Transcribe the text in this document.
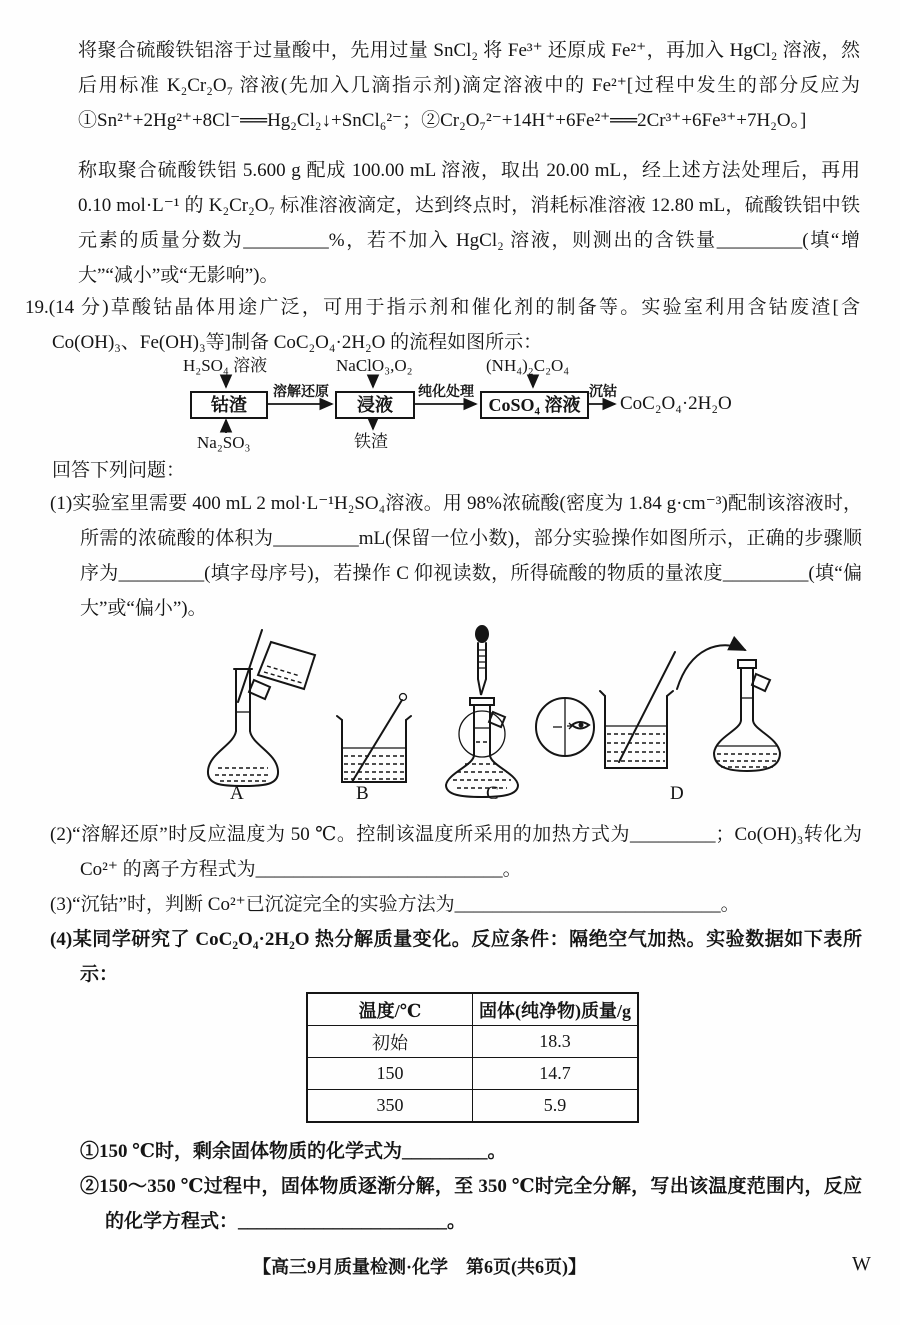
将聚合硫酸铁铝溶于过量酸中，先用过量 SnCl₂ 将 Fe³⁺ 还原成 Fe²⁺，再加入 HgCl₂ 溶液，然后用标准 K₂Cr₂O₇ 溶液(先加入几滴指示剂)滴定溶液中的 Fe²⁺[过程中发生的部分反应为 ①Sn²⁺+2Hg²⁺+8Cl⁻══Hg₂Cl₂↓+SnCl₆²⁻；②Cr₂O₇²⁻+14H⁺+6Fe²⁺══2Cr³⁺+6Fe³⁺+7H₂O。]

称取聚合硫酸铁铝 5.600 g 配成 100.00 mL 溶液，取出 20.00 mL，经上述方法处理后，再用 0.10 mol·L⁻¹ 的 K₂Cr₂O₇ 标准溶液滴定，达到终点时，消耗标准溶液 12.80 mL，硫酸铁铝中铁元素的质量分数为_________%，若不加入 HgCl₂ 溶液，则测出的含铁量_________(填“增大”“减小”或“无影响”)。

19.(14 分)草酸钴晶体用途广泛，可用于指示剂和催化剂的制备等。实验室利用含钴废渣[含 Co(OH)₃、Fe(OH)₃等]制备 CoC₂O₄·2H₂O 的流程如图所示：

H₂SO₄ 溶液
Na₂SO₃
钴渣
溶解还原
NaClO₃,O₂
浸液
铁渣
纯化处理
(NH₄)₂C₂O₄
CoSO₄ 溶液
沉钴
CoC₂O₄·2H₂O

回答下列问题：

(1)实验室里需要 400 mL 2 mol·L⁻¹H₂SO₄溶液。用 98%浓硫酸(密度为 1.84 g·cm⁻³)配制该溶液时，所需的浓硫酸的体积为_________mL(保留一位小数)，部分实验操作如图所示，正确的步骤顺序为_________(填字母序号)，若操作 C 仰视读数，所得硫酸的物质的量浓度_________(填“偏大”或“偏小”)。

A	B	C	D

(2)“溶解还原”时反应温度为 50 ℃。控制该温度所采用的加热方式为_________；Co(OH)₃转化为Co²⁺ 的离子方程式为__________________________。

(3)“沉钴”时，判断 Co²⁺已沉淀完全的实验方法为____________________________。

(4)某同学研究了 CoC₂O₄·2H₂O 热分解质量变化。反应条件：隔绝空气加热。实验数据如下表所示：

温度/℃	固体(纯净物)质量/g
初始	18.3
150	14.7
350	5.9

①150 ℃时，剩余固体物质的化学式为_________。

②150～350 ℃过程中，固体物质逐渐分解，至 350 ℃时完全分解，写出该温度范围内，反应的化学方程式：______________________。

【高三9月质量检测·化学　第6页(共6页)】	W
